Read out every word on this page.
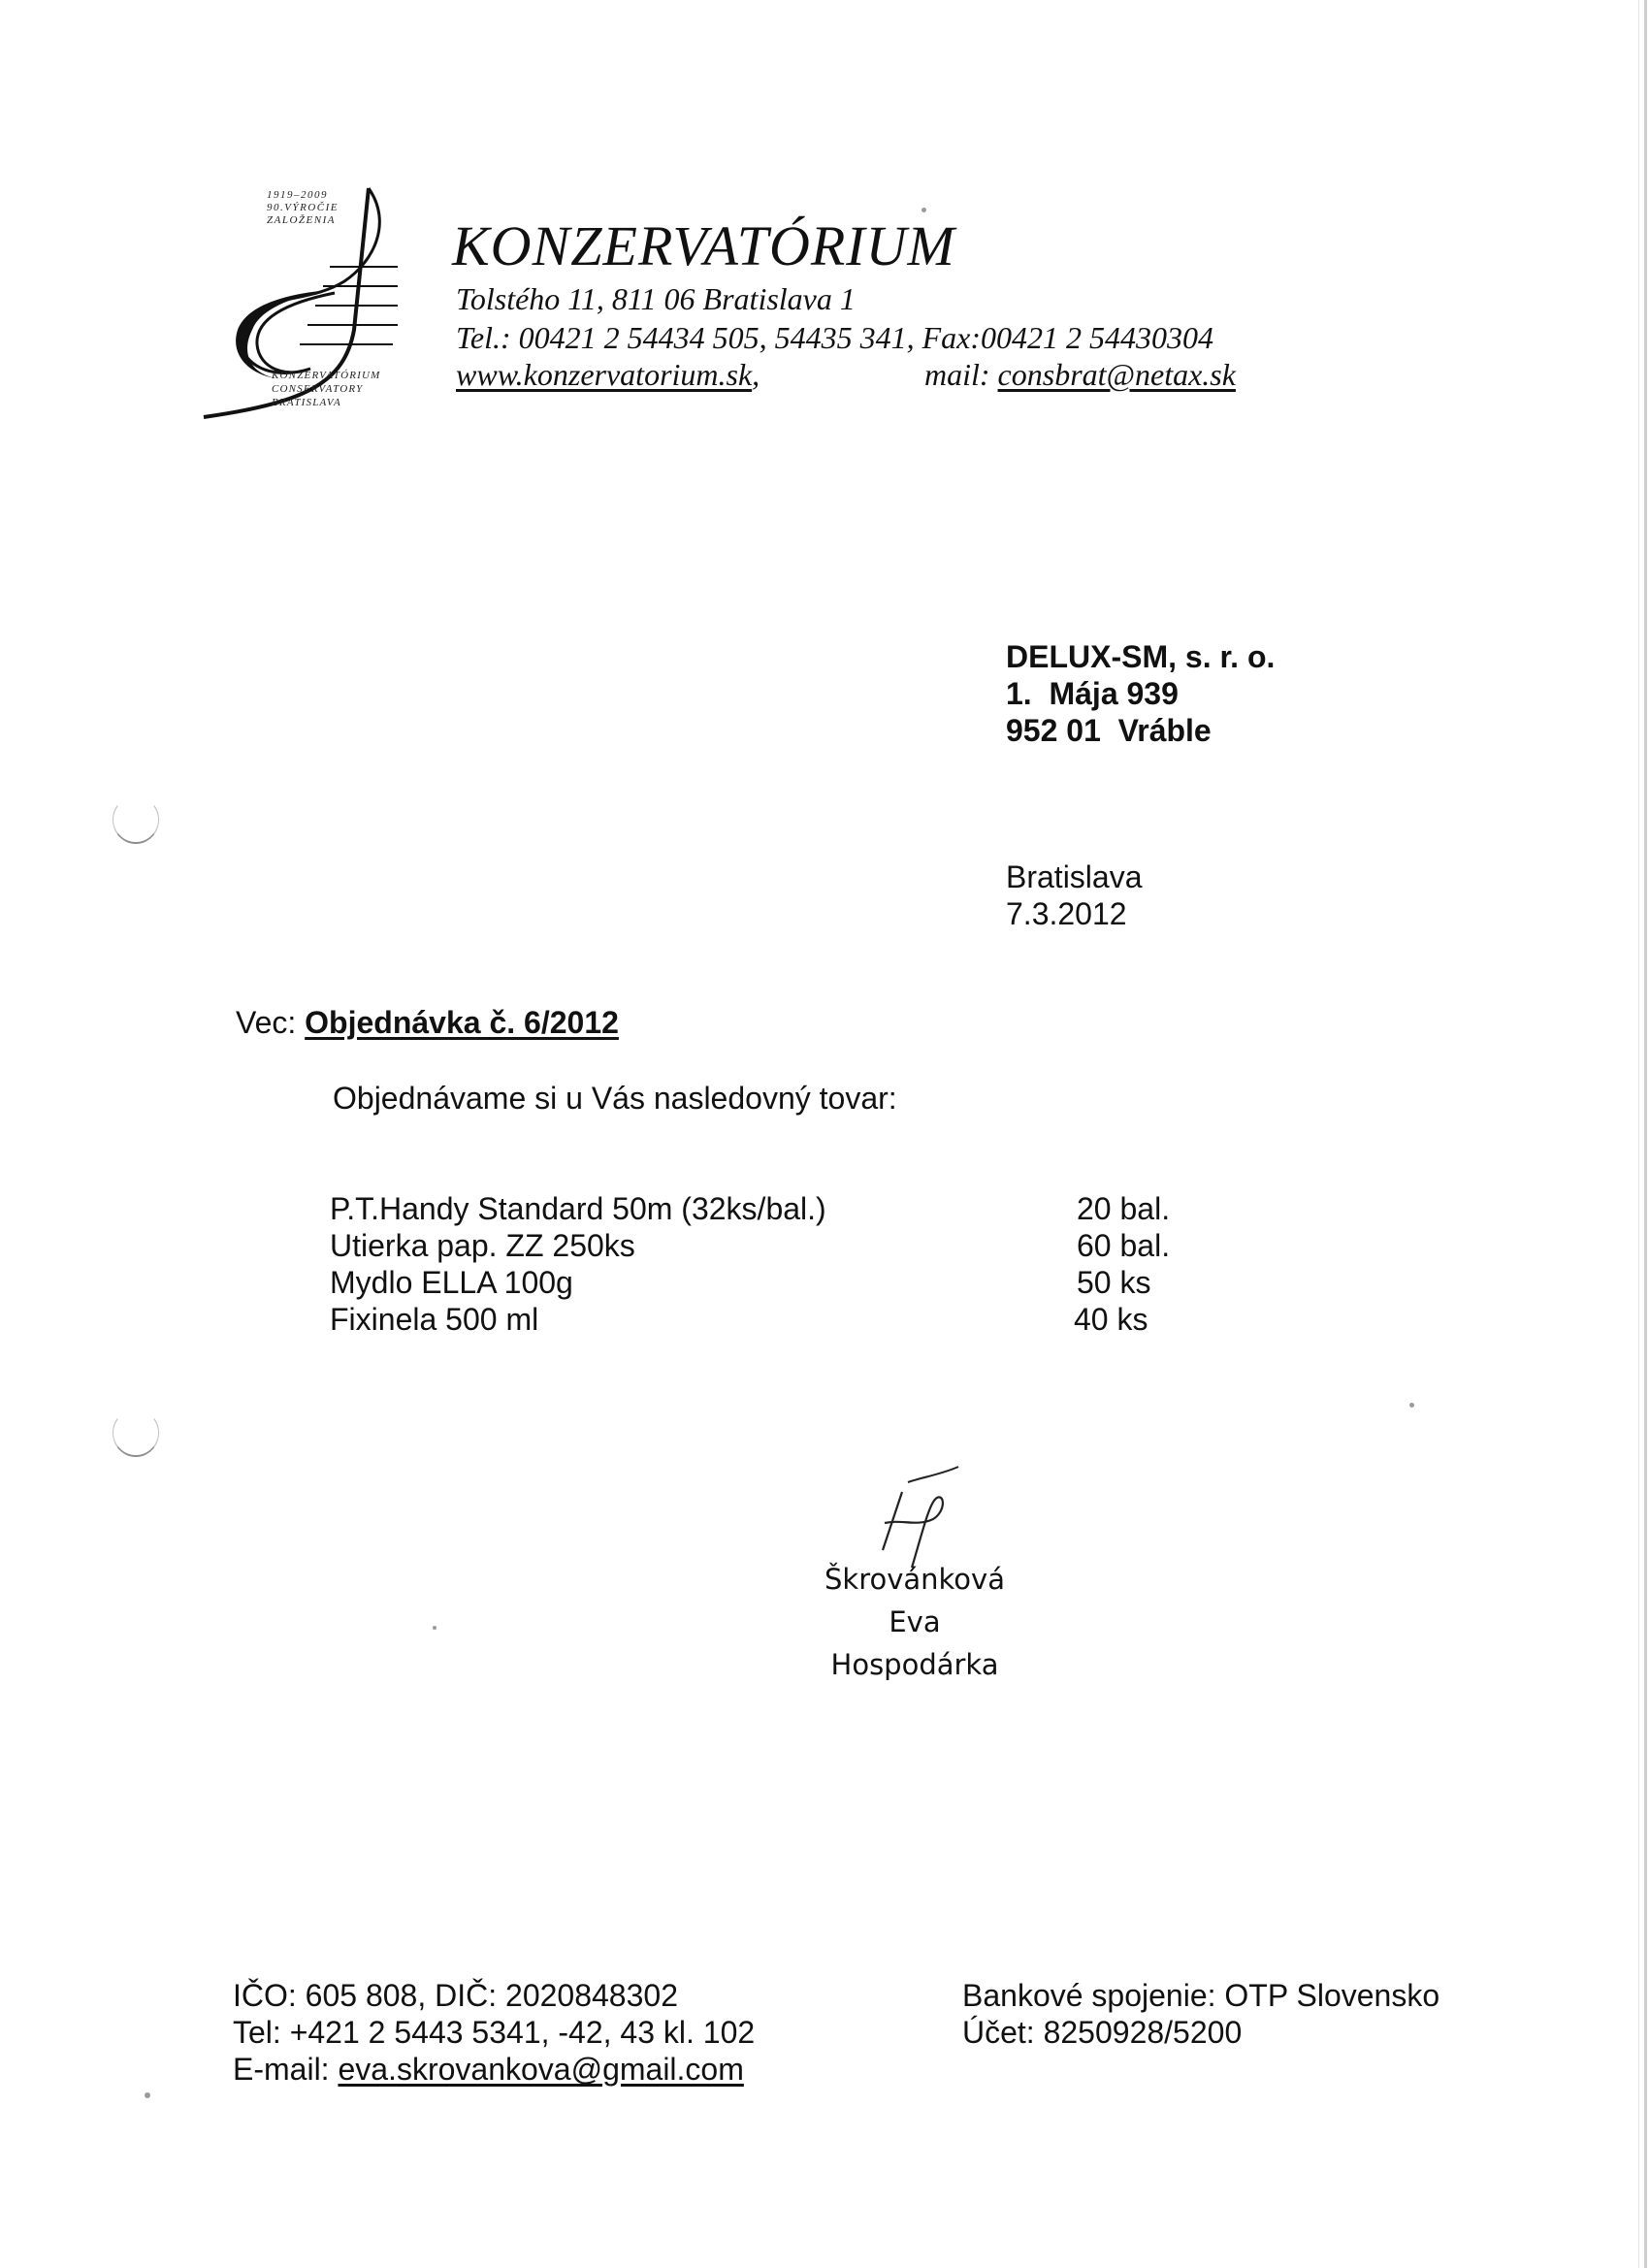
1919–2009
90.VÝROČIE
ZALOŽENIA
KONZERVATÓRIUM
CONSERVATORY
BRATISLAVA
KONZERVATÓRIUM
Tolstého 11, 811 06 Bratislava 1
Tel.: 00421 2 54434 505, 54435 341, Fax:00421 2 54430304
www.konzervatorium.sk,	mail: consbrat@netax.sk
DELUX-SM, s. r. o.
1.  Mája 939
952 01  Vráble
Bratislava
7.3.2012
Vec: Objednávka č. 6/2012
Objednávame si u Vás nasledovný tovar:
P.T.Handy Standard 50m (32ks/bal.)	20 bal.
Utierka pap. ZZ 250ks	60 bal.
Mydlo ELLA 100g	50 ks
Fixinela 500 ml	40 ks
Škrovánková Eva
Hospodárka
IČO: 605 808, DIČ: 2020848302
Tel: +421 2 5443 5341, -42, 43 kl. 102
E-mail: eva.skrovankova@gmail.com
Bankové spojenie: OTP Slovensko
Účet: 8250928/5200
